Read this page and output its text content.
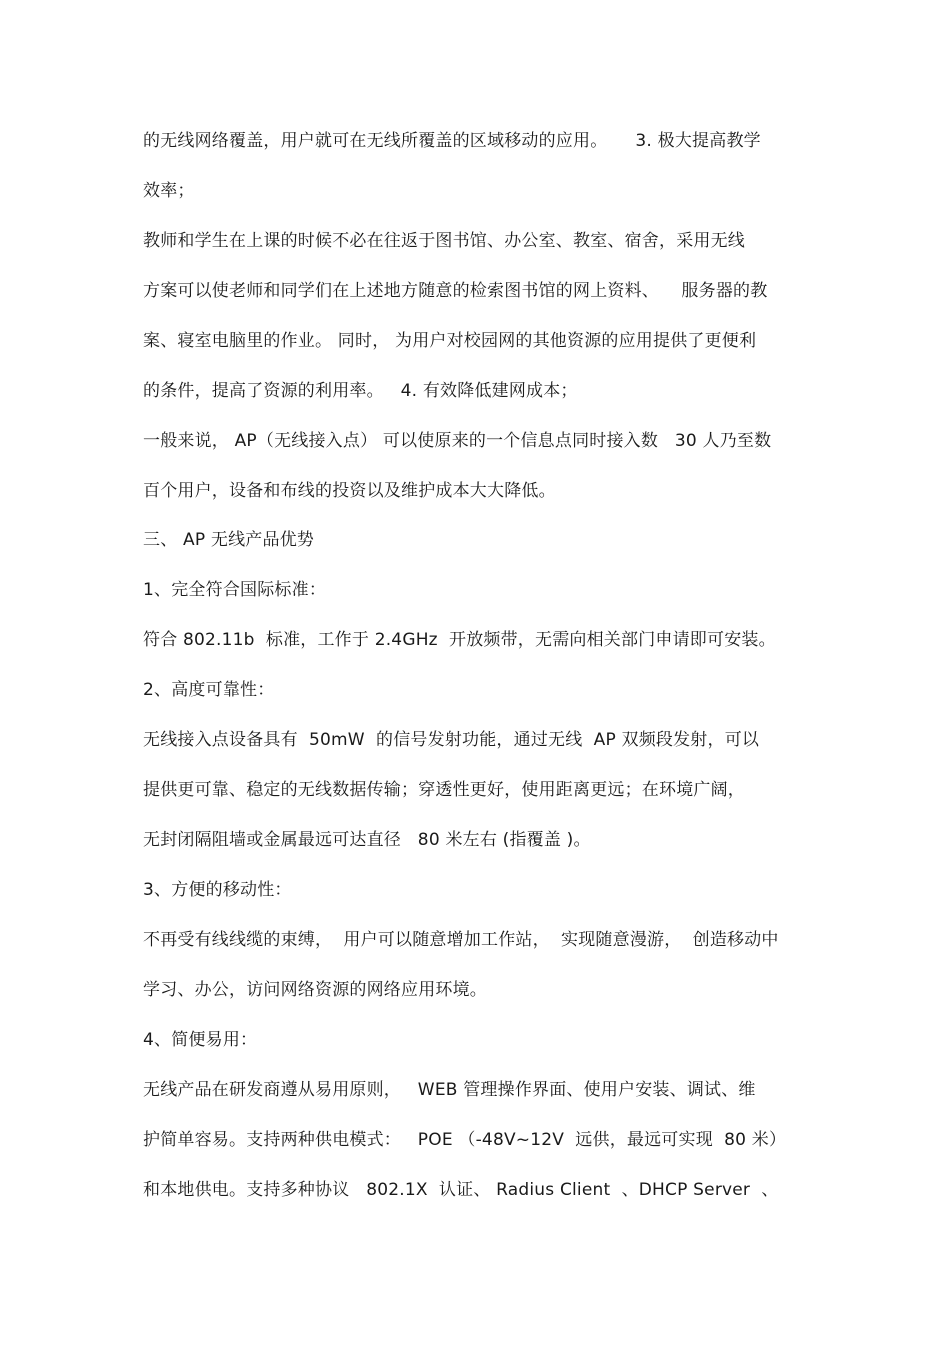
的无线网络覆盖，用户就可在无线所覆盖的区域移动的应用。     3. 极大提高教学
效率；
教师和学生在上课的时候不必在往返于图书馆、办公室、教室、宿舍，采用无线
方案可以使老师和同学们在上述地方随意的检索图书馆的网上资料、    服务器的教
案、寝室电脑里的作业。 同时， 为用户对校园网的其他资源的应用提供了更便利
的条件，提高了资源的利用率。   4. 有效降低建网成本；
一般来说， AP（无线接入点） 可以使原来的一个信息点同时接入数   30 人乃至数
百个用户，设备和布线的投资以及维护成本大大降低。
三、 AP 无线产品优势
1、完全符合国际标准：
符合 802.11b  标准，工作于 2.4GHz  开放频带，无需向相关部门申请即可安装。
2、高度可靠性：
无线接入点设备具有  50mW  的信号发射功能，通过无线  AP 双频段发射，可以
提供更可靠、稳定的无线数据传输；穿透性更好，使用距离更远；在环境广阔，
无封闭隔阻墙或金属最远可达直径   80 米左右 (指覆盖 )。
3、方便的移动性：
不再受有线线缆的束缚，  用户可以随意增加工作站，  实现随意漫游，  创造移动中
学习、办公，访问网络资源的网络应用环境。
4、简便易用：
无线产品在研发商遵从易用原则，   WEB 管理操作界面、使用户安装、调试、维
护简单容易。支持两种供电模式：   POE （-48V~12V  远供，最远可实现  80 米）
和本地供电。支持多种协议   802.1X  认证、 Radius Client  、DHCP Server  、
